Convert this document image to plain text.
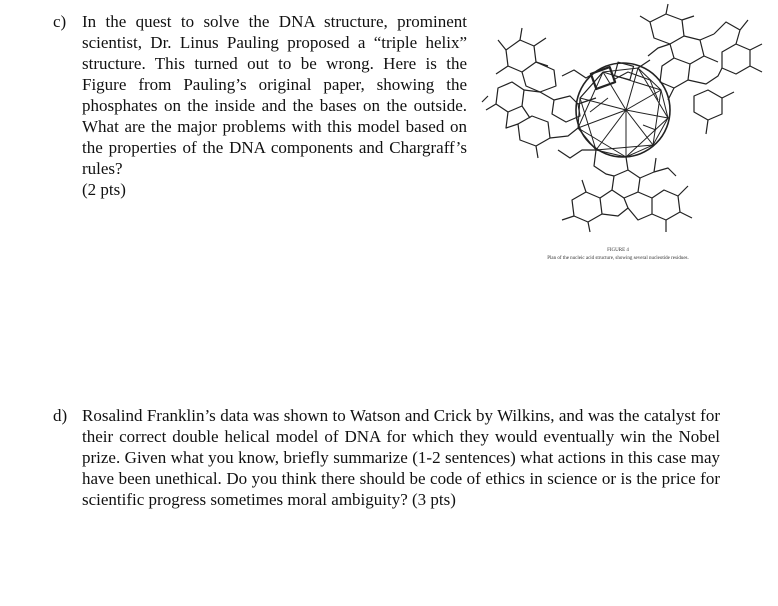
c) In the quest to solve the DNA structure, prominent scientist, Dr. Linus Pauling proposed a “triple helix” structure. This turned out to be wrong. Here is the Figure from Pauling’s original paper, showing the phosphates on the inside and the bases on the outside. What are the major problems with this model based on the properties of the DNA components and Chargraff’s rules?
(2 pts)
FIGURE 4
Plan of the nucleic acid structure, showing several nucleotide residues.
d) Rosalind Franklin’s data was shown to Watson and Crick by Wilkins, and was the catalyst for their correct double helical model of DNA for which they would eventually win the Nobel prize. Given what you know, briefly summarize (1-2 sentences) what actions in this case may have been unethical. Do you think there should be code of ethics in science or is the price for scientific progress sometimes moral ambiguity? (3 pts)
